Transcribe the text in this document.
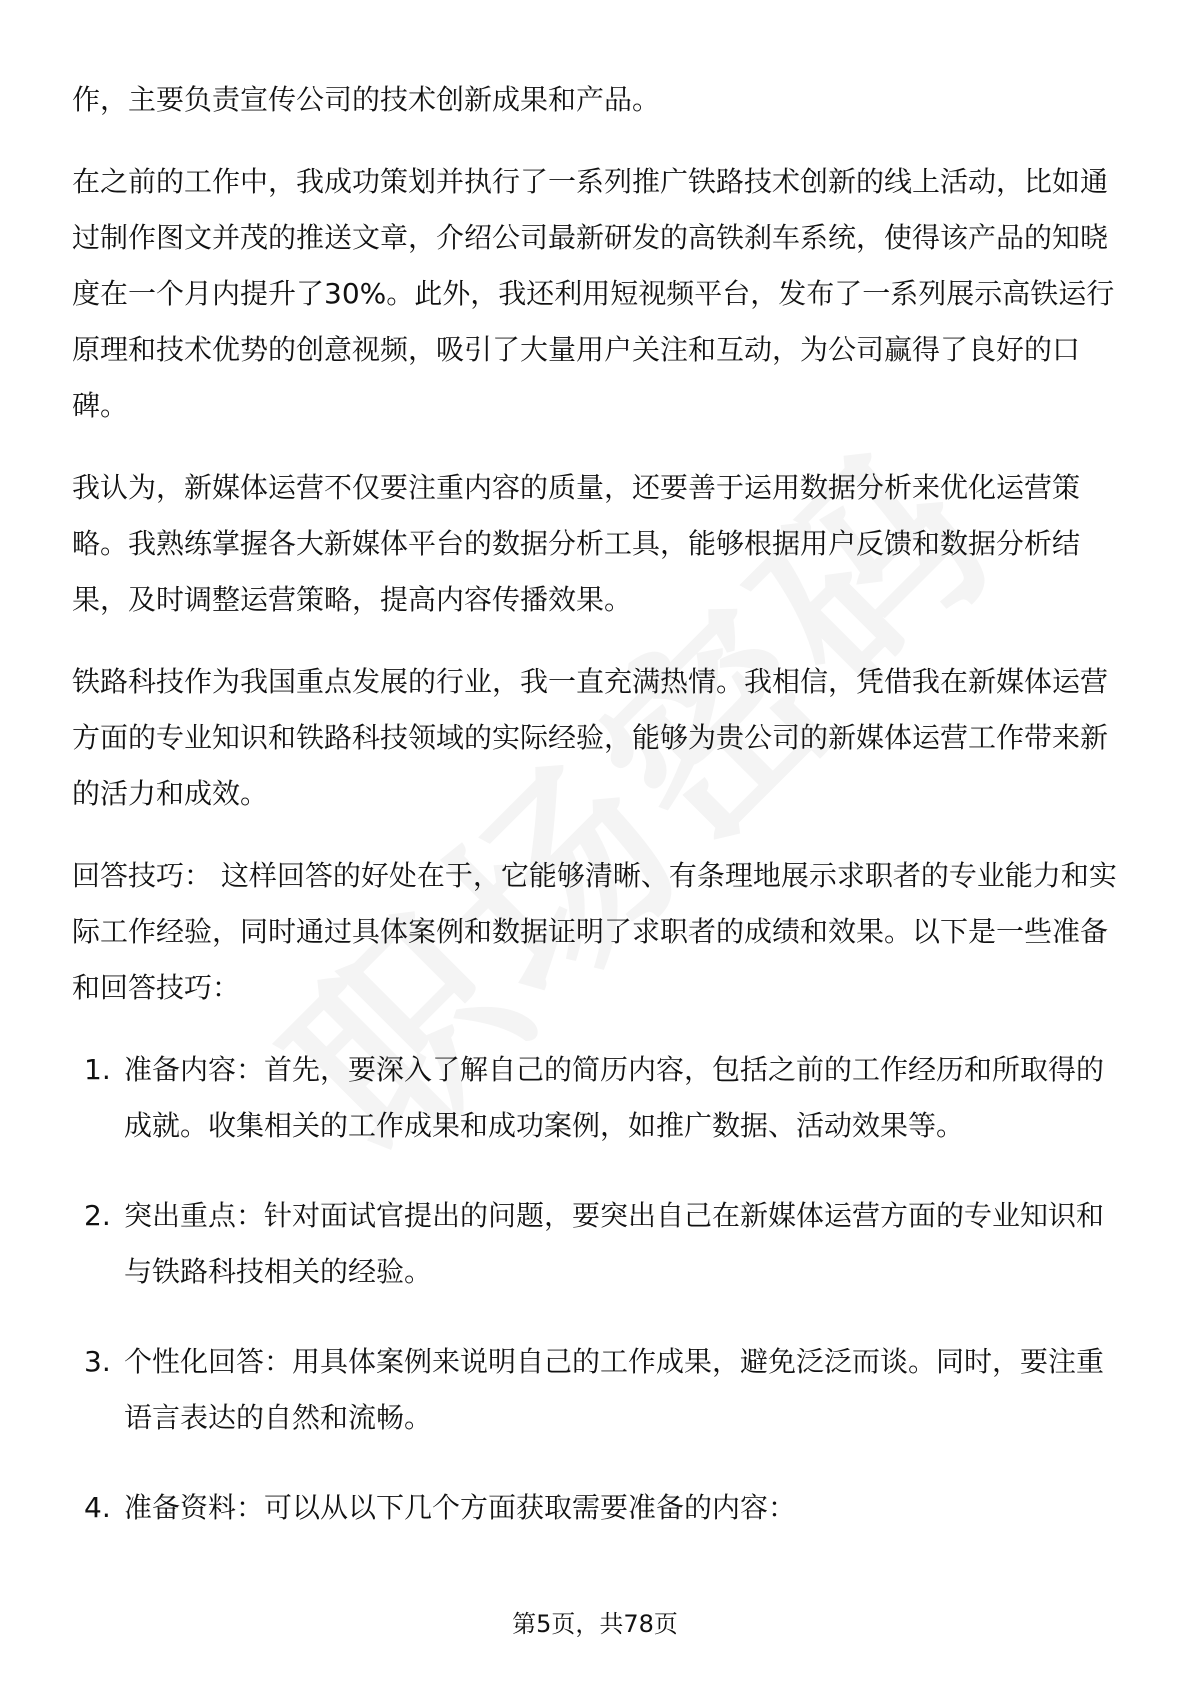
作，主要负责宣传公司的技术创新成果和产品。

在之前的工作中，我成功策划并执行了一系列推广铁路技术创新的线上活动，比如通过制作图文并茂的推送文章，介绍公司最新研发的高铁刹车系统，使得该产品的知晓度在一个月内提升了30%。此外，我还利用短视频平台，发布了一系列展示高铁运行原理和技术优势的创意视频，吸引了大量用户关注和互动，为公司赢得了良好的口碑。

我认为，新媒体运营不仅要注重内容的质量，还要善于运用数据分析来优化运营策略。我熟练掌握各大新媒体平台的数据分析工具，能够根据用户反馈和数据分析结果，及时调整运营策略，提高内容传播效果。

铁路科技作为我国重点发展的行业，我一直充满热情。我相信，凭借我在新媒体运营方面的专业知识和铁路科技领域的实际经验，能够为贵公司的新媒体运营工作带来新的活力和成效。

回答技巧： 这样回答的好处在于，它能够清晰、有条理地展示求职者的专业能力和实际工作经验，同时通过具体案例和数据证明了求职者的成绩和效果。以下是一些准备和回答技巧：

1. 准备内容：首先，要深入了解自己的简历内容，包括之前的工作经历和所取得的成就。收集相关的工作成果和成功案例，如推广数据、活动效果等。
2. 突出重点：针对面试官提出的问题，要突出自己在新媒体运营方面的专业知识和与铁路科技相关的经验。
3. 个性化回答：用具体案例来说明自己的工作成果，避免泛泛而谈。同时，要注重语言表达的自然和流畅。
4. 准备资料：可以从以下几个方面获取需要准备的内容：
第5页，共78页
